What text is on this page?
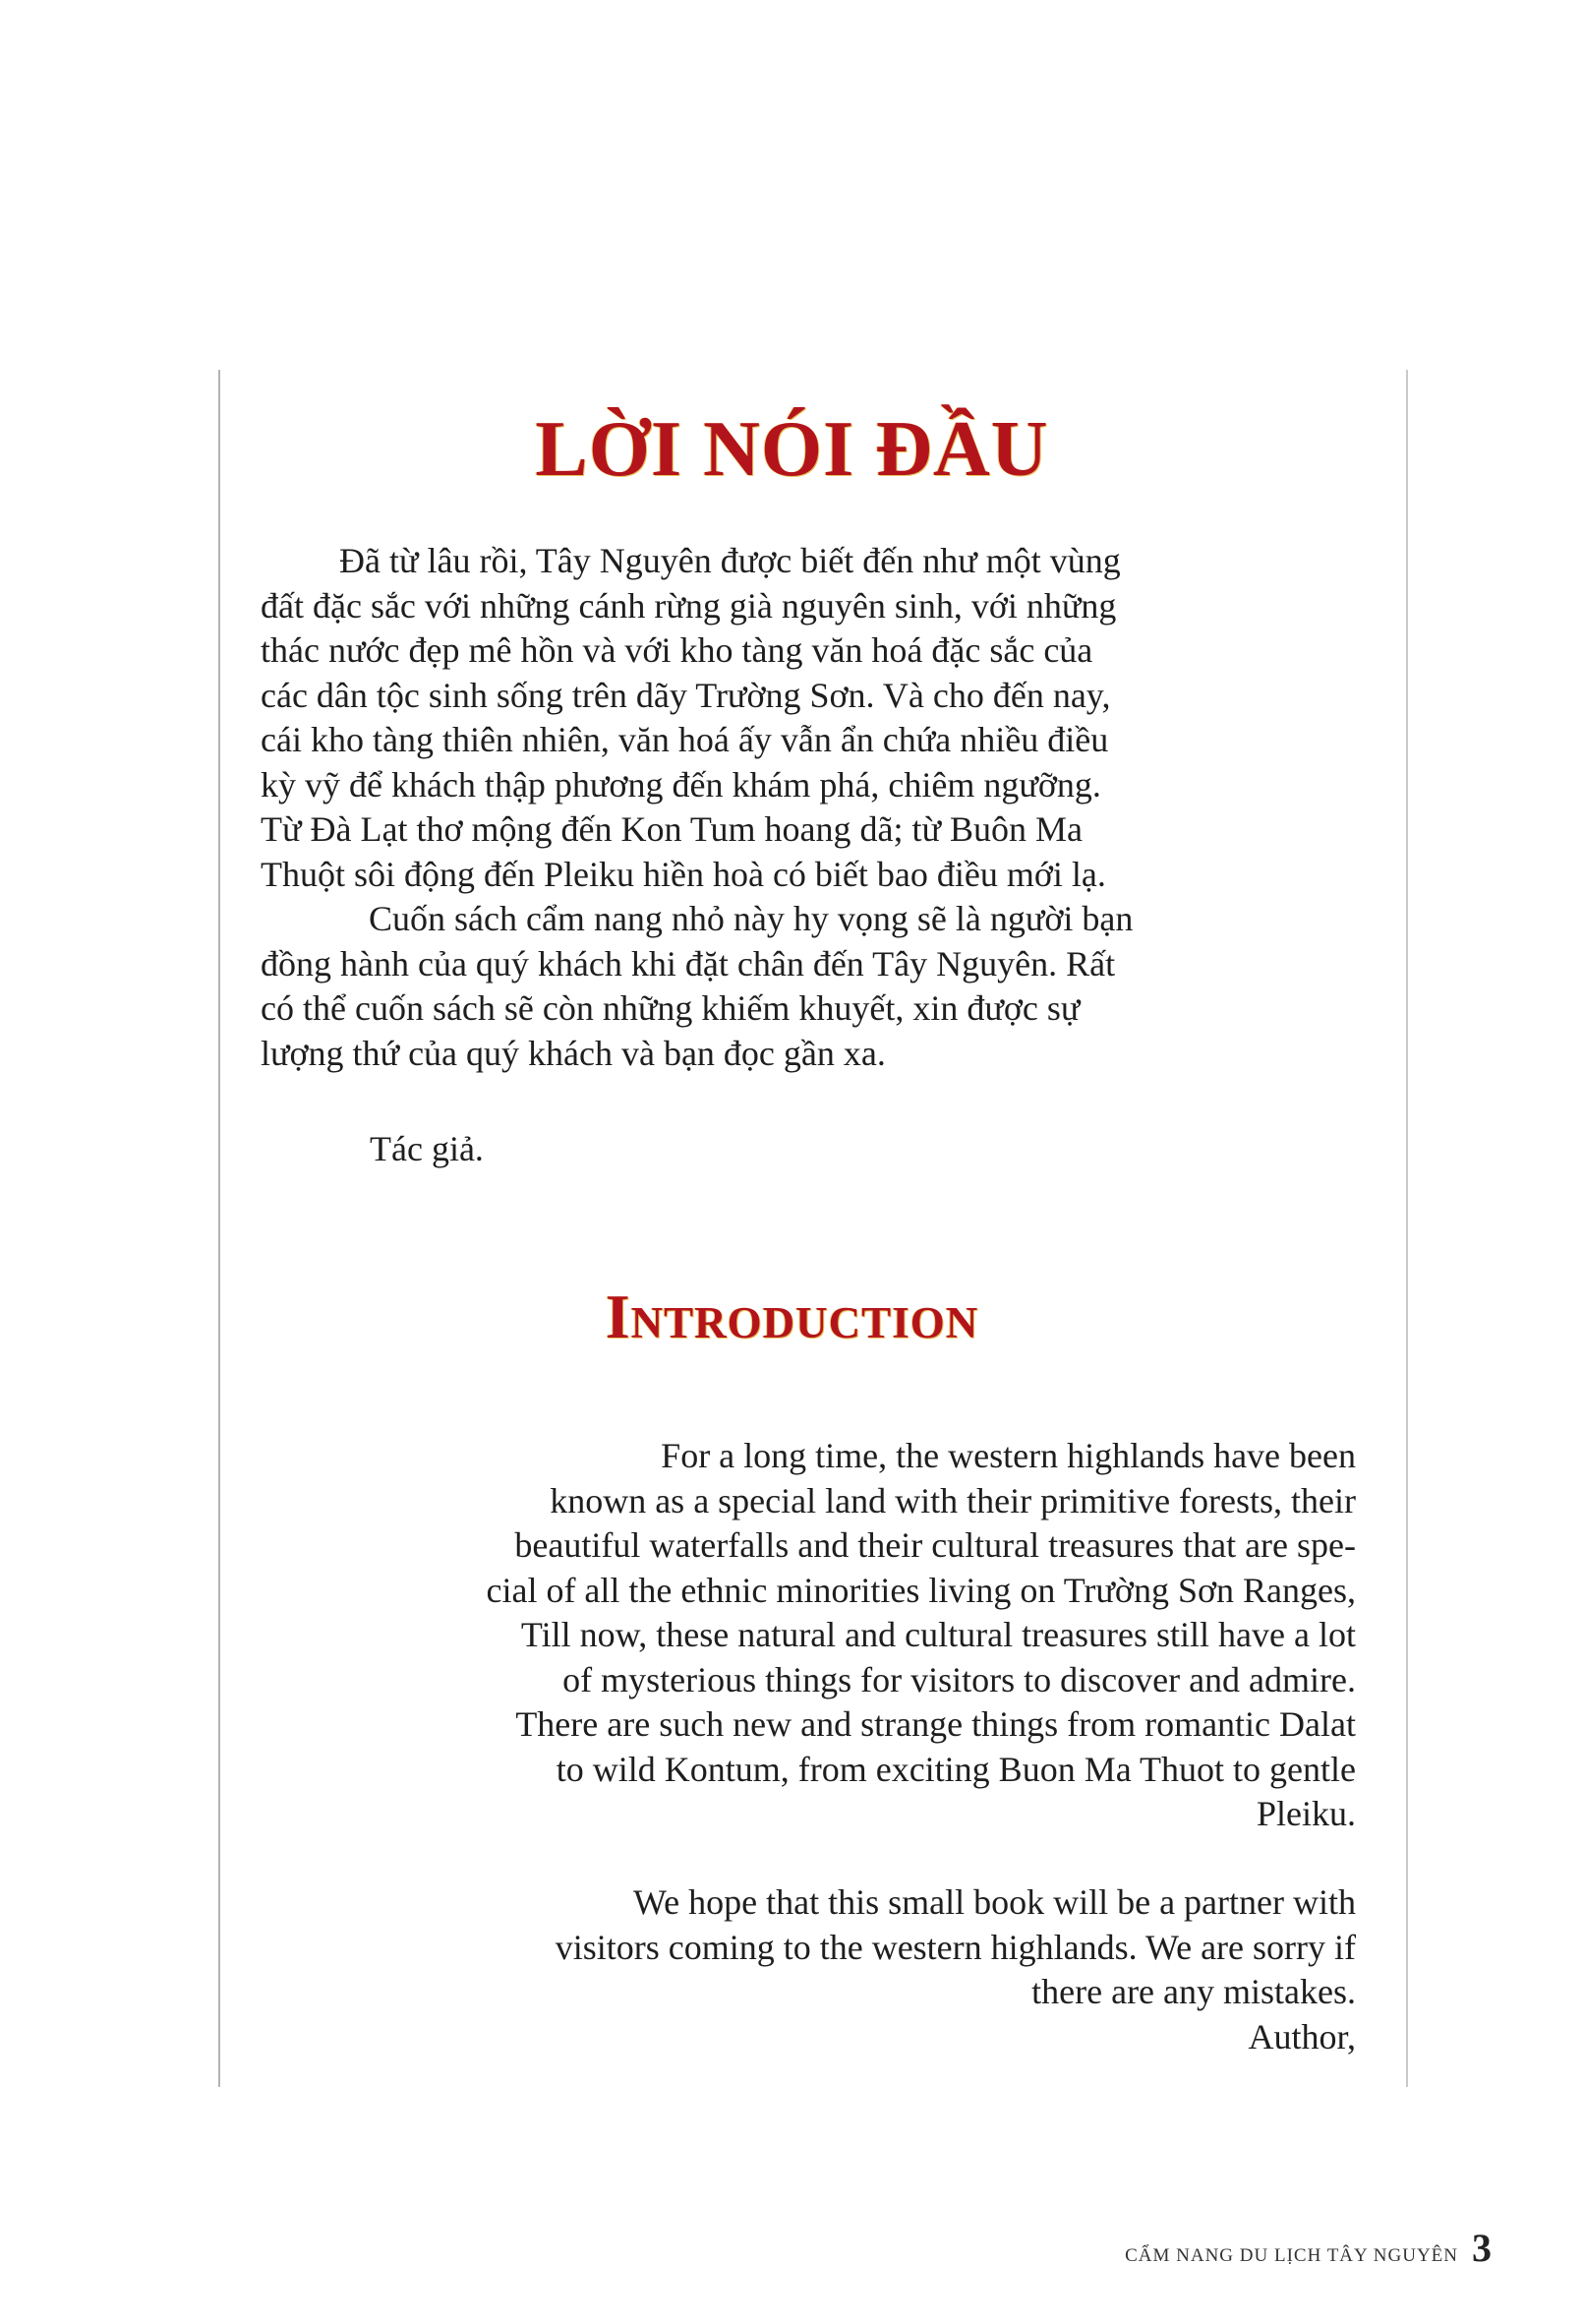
LỜI NÓI ĐẦU
Đã từ lâu rồi, Tây Nguyên được biết đến như một vùng
đất đặc sắc với những cánh rừng già nguyên sinh, với những
thác nước đẹp mê hồn và với kho tàng văn hoá đặc sắc của
các dân tộc sinh sống trên dãy Trường Sơn. Và cho đến nay,
cái kho tàng thiên nhiên, văn hoá ấy vẫn ẩn chứa nhiều điều
kỳ vỹ để khách thập phương đến khám phá, chiêm ngưỡng.
Từ Đà Lạt thơ mộng đến Kon Tum hoang dã; từ Buôn Ma
Thuột sôi động đến Pleiku hiền hoà có biết bao điều mới lạ.
Cuốn sách cẩm nang nhỏ này hy vọng sẽ là người bạn
đồng hành của quý khách khi đặt chân đến Tây Nguyên. Rất
có thể cuốn sách sẽ còn những khiếm khuyết, xin được sự
lượng thứ của quý khách và bạn đọc gần xa.

Tác giả.

Introduction
For a long time, the western highlands have been
known as a special land with their primitive forests, their
beautiful waterfalls and their cultural treasures that are spe-
cial of all the ethnic minorities living on Trường Sơn Ranges,
Till now, these natural and cultural treasures still have a lot
of mysterious things for visitors to discover and admire.
There are such new and strange things from romantic Dalat
to wild Kontum, from exciting Buon Ma Thuot to gentle
Pleiku.
We hope that this small book will be a partner with
visitors coming to the western highlands. We are sorry if
there are any mistakes.
Author,
CẨM NANG DU LỊCH TÂY NGUYÊN 3
